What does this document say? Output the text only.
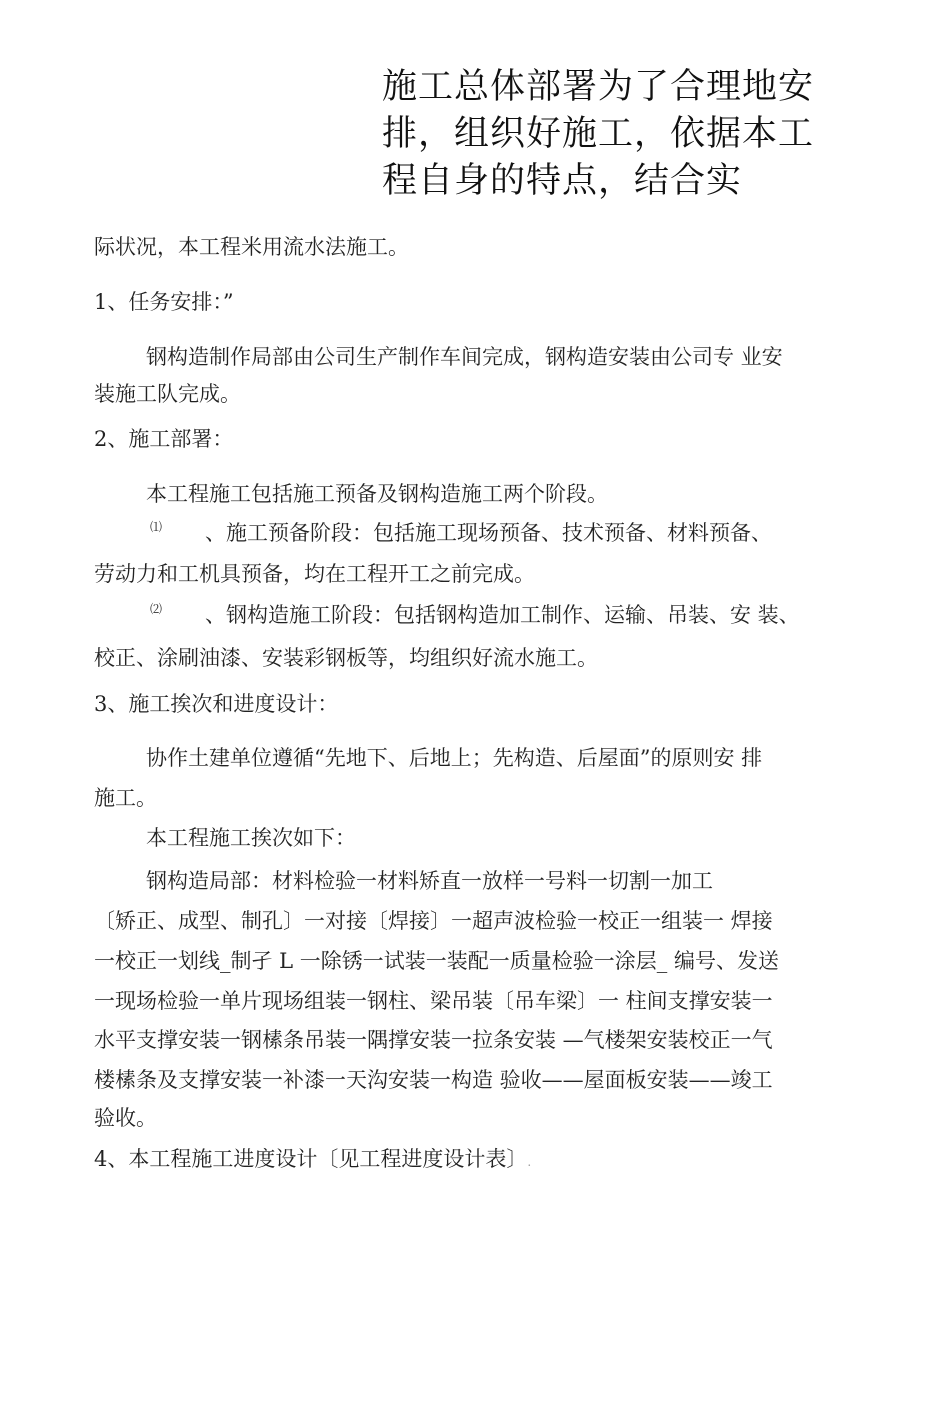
施工总体部署为了合理地安
排，组织好施工，依据本工
程自身的特点，结合实
际状况，本工程米用流水法施工。
1、任务安排：”
钢构造制作局部由公司生产制作车间完成，钢构造安装由公司专 业安
装施工队完成。
2、施工部署：
本工程施工包括施工预备及钢构造施工两个阶段。
⑴ 、施工预备阶段：包括施工现场预备、技术预备、材料预备、
劳动力和工机具预备，均在工程开工之前完成。
⑵ 、钢构造施工阶段：包括钢构造加工制作、运输、吊装、安 装、
校正、涂刷油漆、安装彩钢板等，均组织好流水施工。
3、施工挨次和进度设计：
协作土建单位遵循“先地下、后地上；先构造、后屋面”的原则安 排
施工。
本工程施工挨次如下：
钢构造局部：材料检验一材料矫直一放样一号料一切割一加工
〔矫正、成型、制孔〕一对接〔焊接〕一超声波检验一校正一组装一 焊接
一校正一划线_制孑 L 一除锈一试装一装配一质量检验一涂层_ 编号、发送
一现场检验一单片现场组装一钢柱、梁吊装〔吊车梁〕一 柱间支撑安装一
水平支撑安装一钢榡条吊装一隅撑安装一拉条安装 —气楼架安装校正一气
楼榡条及支撑安装一补漆一天沟安装一构造 验收——屋面板安装——竣工
验收。
4、本工程施工进度设计〔见工程进度设计表〕.
